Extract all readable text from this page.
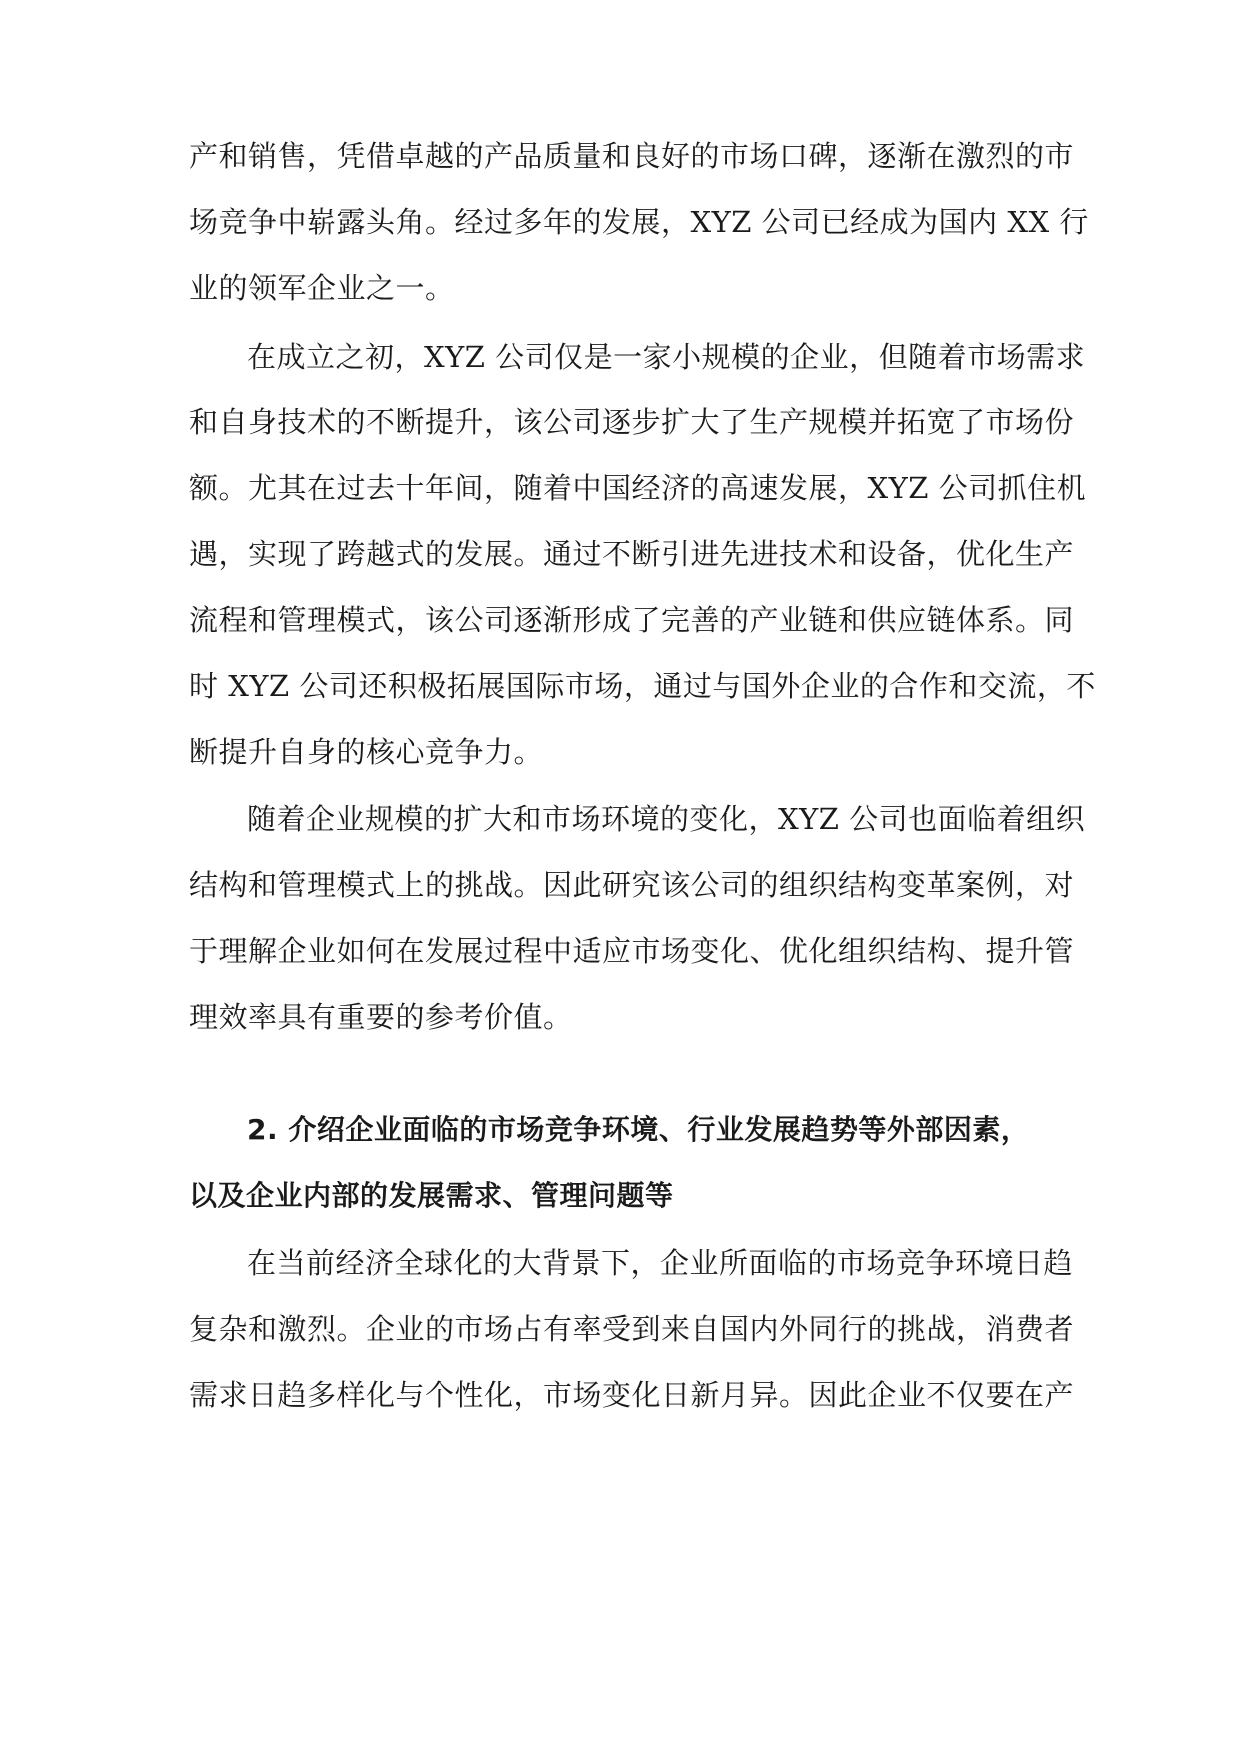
产和销售，凭借卓越的产品质量和良好的市场口碑，逐渐在激烈的市
场竞争中崭露头角。经过多年的发展，XYZ 公司已经成为国内 XX 行
业的领军企业之一。
在成立之初，XYZ 公司仅是一家小规模的企业，但随着市场需求
和自身技术的不断提升，该公司逐步扩大了生产规模并拓宽了市场份
额。尤其在过去十年间，随着中国经济的高速发展，XYZ 公司抓住机
遇，实现了跨越式的发展。通过不断引进先进技术和设备，优化生产
流程和管理模式，该公司逐渐形成了完善的产业链和供应链体系。同
时 XYZ 公司还积极拓展国际市场，通过与国外企业的合作和交流，不
断提升自身的核心竞争力。
随着企业规模的扩大和市场环境的变化，XYZ 公司也面临着组织
结构和管理模式上的挑战。因此研究该公司的组织结构变革案例，对
于理解企业如何在发展过程中适应市场变化、优化组织结构、提升管
理效率具有重要的参考价值。
2. 介绍企业面临的市场竞争环境、行业发展趋势等外部因素，
以及企业内部的发展需求、管理问题等
在当前经济全球化的大背景下，企业所面临的市场竞争环境日趋
复杂和激烈。企业的市场占有率受到来自国内外同行的挑战，消费者
需求日趋多样化与个性化，市场变化日新月异。因此企业不仅要在产
